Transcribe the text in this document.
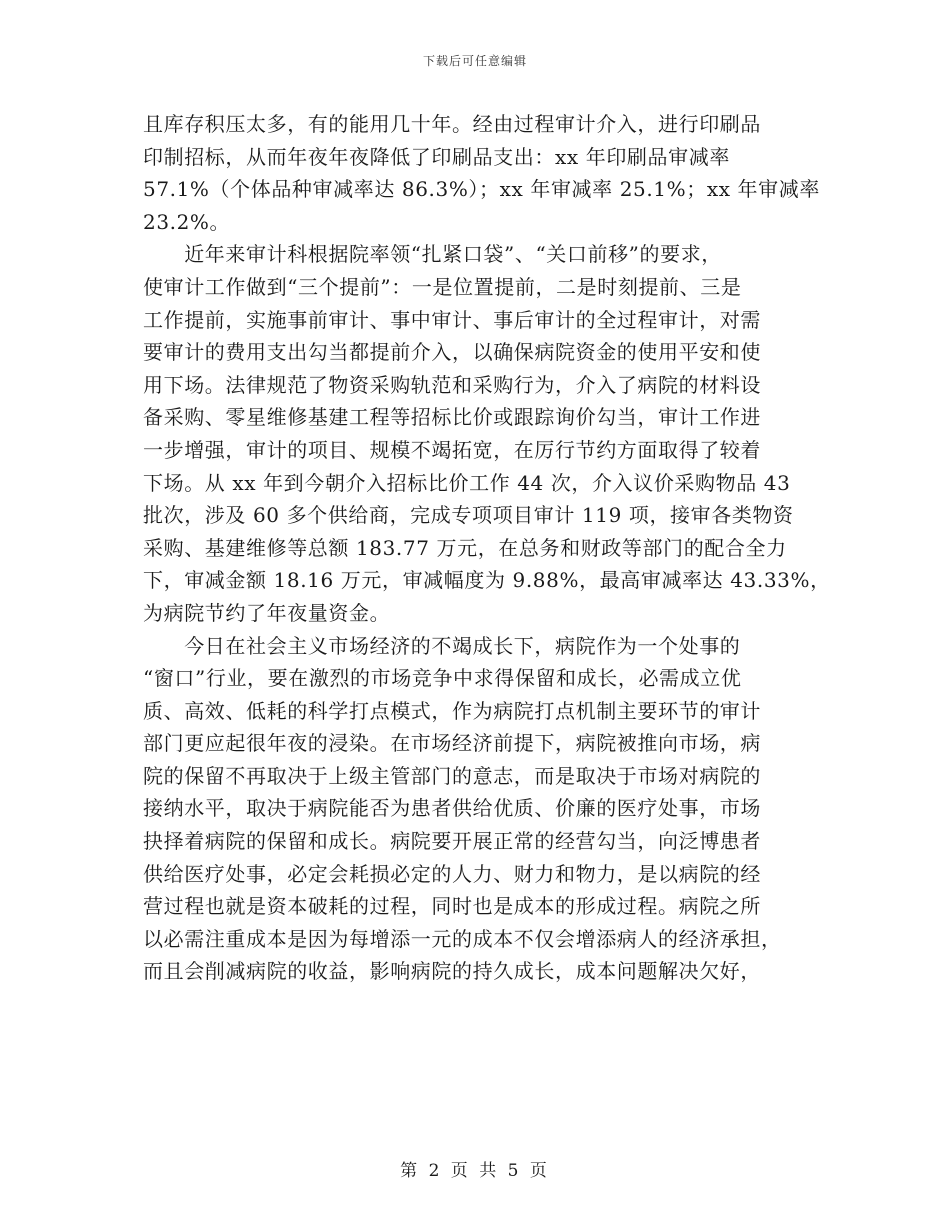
下载后可任意编辑

且库存积压太多，有的能用几十年。经由过程审计介入，进行印刷品
印制招标，从而年夜年夜降低了印刷品支出：xx 年印刷品审减率
57.1%（个体品种审减率达 86.3%）；xx 年审减率 25.1%；xx 年审减率
23.2%。

　　近年来审计科根据院率领“扎紧口袋”、“关口前移”的要求，
使审计工作做到“三个提前”：一是位置提前，二是时刻提前、三是
工作提前，实施事前审计、事中审计、事后审计的全过程审计，对需
要审计的费用支出勾当都提前介入，以确保病院资金的使用平安和使
用下场。法律规范了物资采购轨范和采购行为，介入了病院的材料设
备采购、零星维修基建工程等招标比价或跟踪询价勾当，审计工作进
一步增强，审计的项目、规模不竭拓宽，在厉行节约方面取得了较着
下场。从 xx 年到今朝介入招标比价工作 44 次，介入议价采购物品 43
批次，涉及 60 多个供给商，完成专项项目审计 119 项，接审各类物资
采购、基建维修等总额 183.77 万元，在总务和财政等部门的配合全力
下，审减金额 18.16 万元，审减幅度为 9.88%，最高审减率达 43.33%，
为病院节约了年夜量资金。

　　今日在社会主义市场经济的不竭成长下，病院作为一个处事的
“窗口”行业，要在激烈的市场竞争中求得保留和成长，必需成立优
质、高效、低耗的科学打点模式，作为病院打点机制主要环节的审计
部门更应起很年夜的浸染。在市场经济前提下，病院被推向市场，病
院的保留不再取决于上级主管部门的意志，而是取决于市场对病院的
接纳水平，取决于病院能否为患者供给优质、价廉的医疗处事，市场
抉择着病院的保留和成长。病院要开展正常的经营勾当，向泛博患者
供给医疗处事，必定会耗损必定的人力、财力和物力，是以病院的经
营过程也就是资本破耗的过程，同时也是成本的形成过程。病院之所
以必需注重成本是因为每增添一元的成本不仅会增添病人的经济承担，
而且会削减病院的收益，影响病院的持久成长，成本问题解决欠好，

第 2 页 共 5 页
